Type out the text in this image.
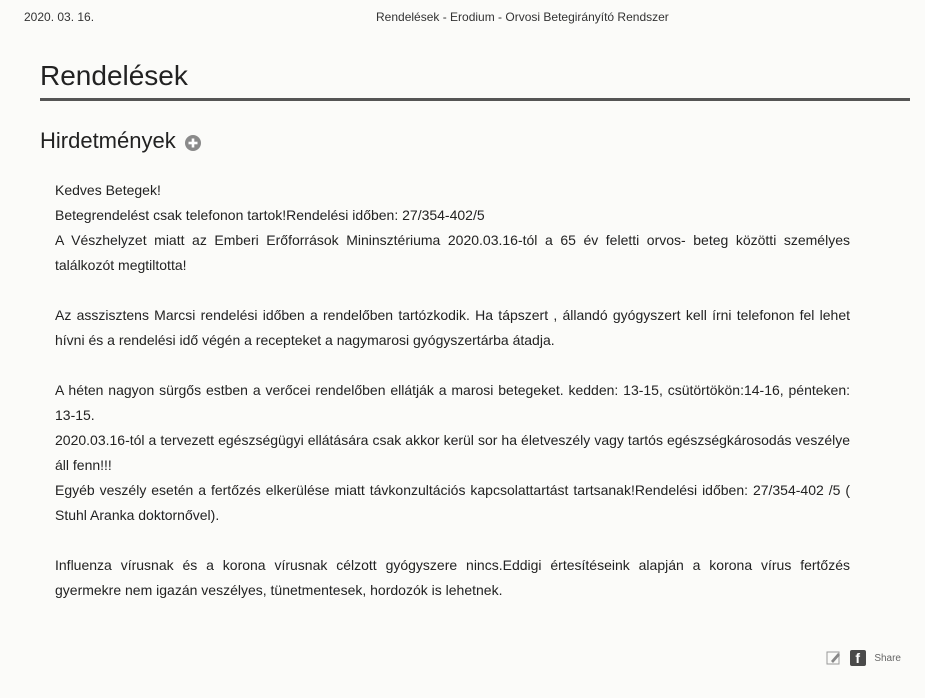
2020. 03. 16.	Rendelések - Erodium - Orvosi Betegirányító Rendszer
Rendelések
Hirdetmények

Kedves Betegek!

Betegrendelést csak telefonon tartok!Rendelési időben: 27/354-402/5

A Vészhelyzet miatt az Emberi Erőforrások Mininsztériuma 2020.03.16-tól a 65 év feletti orvos- beteg közötti személyes találkozót megtiltotta!

Az asszisztens Marcsi rendelési időben a rendelőben tartózkodik. Ha tápszert , állandó gyógyszert kell írni telefonon fel lehet hívni és a rendelési idő végén a recepteket a nagymarosi gyógyszertárba átadja.

A héten nagyon sürgős estben a verőcei rendelőben ellátják a marosi betegeket. kedden: 13-15, csütörtökön:14-16, pénteken: 13-15.

2020.03.16-tól a tervezett egészségügyi ellátására csak akkor kerül sor ha életveszély vagy tartós egészségkárosodás veszélye áll fenn!!!

Egyéb veszély esetén a fertőzés elkerülése miatt távkonzultációs kapcsolattartást tartsanak!Rendelési időben: 27/354-402 /5 ( Stuhl Aranka doktornővel).

Influenza vírusnak és a korona vírusnak célzott gyógyszere nincs.Eddigi értesítéseink alapján a korona vírus fertőzés gyermekre nem igazán veszélyes, tünetmentesek, hordozók is lehetnek.

f Share
